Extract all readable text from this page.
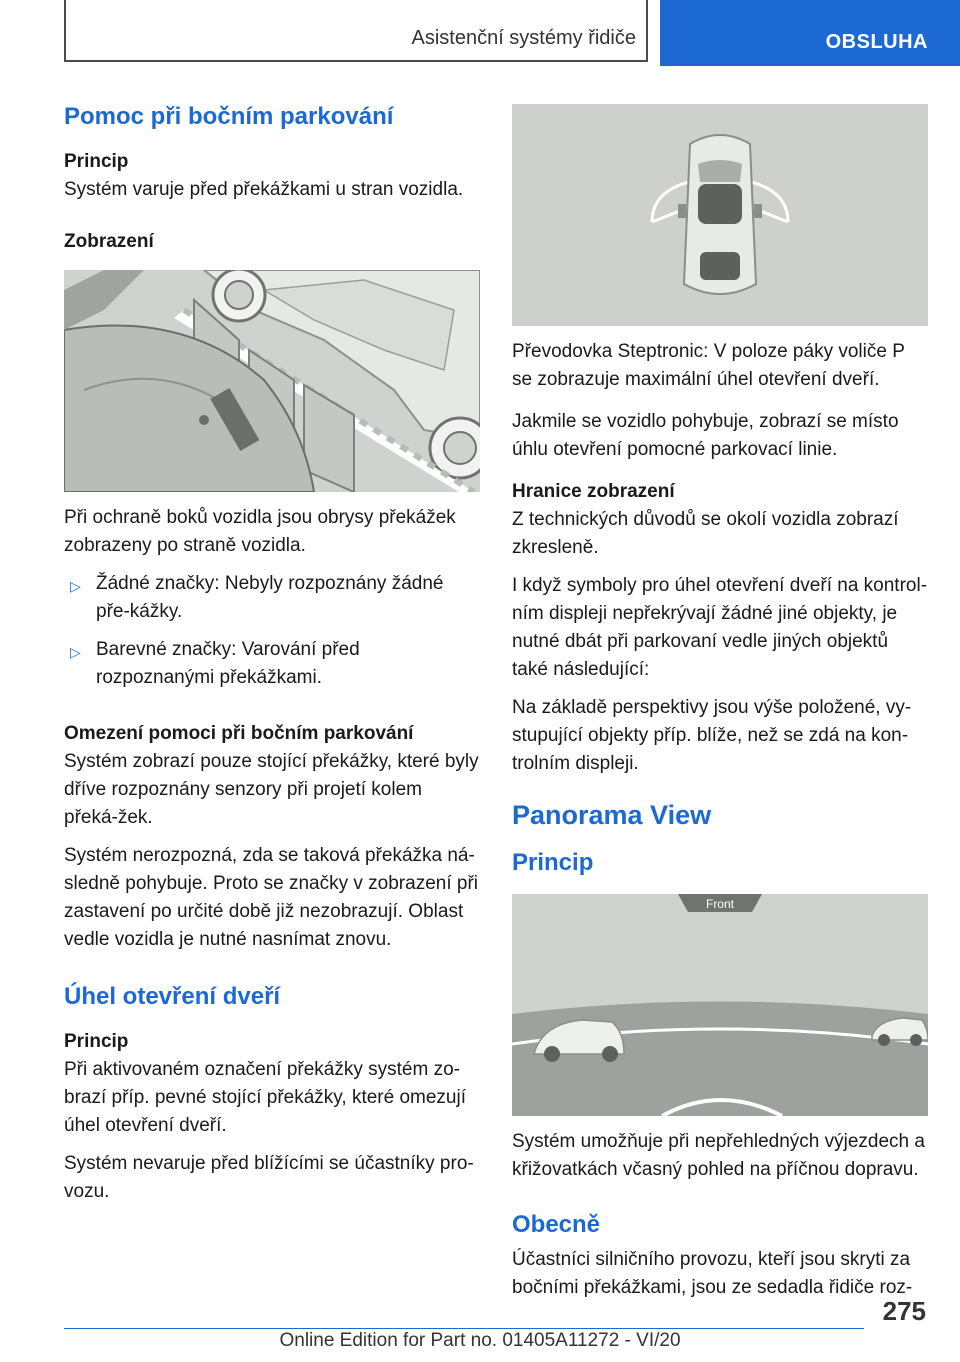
Asistenční systémy řidiče	OBSLUHA
Pomoc při bočním parkování
Princip

Systém varuje před překážkami u stran vozidla.

Zobrazení

Při ochraně boků vozidla jsou obrysy překážek zobrazeny po straně vozidla.

▷ Žádné značky: Nebyly rozpoznány žádné pře-kážky.
▷ Barevné značky: Varování před rozpoznanými překážkami.
Omezení pomoci při bočním parkování

Systém zobrazí pouze stojící překážky, které byly dříve rozpoznány senzory při projetí kolem překá-žek.

Systém nerozpozná, zda se taková překážka ná-sledně pohybuje. Proto se značky v zobrazení při zastavení po určité době již nezobrazují. Oblast vedle vozidla je nutné nasnímat znovu.

Úhel otevření dveří
Princip

Při aktivovaném označení překážky systém zo-brazí příp. pevné stojící překážky, které omezují úhel otevření dveří.

Systém nevaruje před blížícími se účastníky pro-vozu.

Převodovka Steptronic: V poloze páky voliče P se zobrazuje maximální úhel otevření dveří.

Jakmile se vozidlo pohybuje, zobrazí se místo úhlu otevření pomocné parkovací linie.

Hranice zobrazení

Z technických důvodů se okolí vozidla zobrazí zkresleně.

I když symboly pro úhel otevření dveří na kontrol-ním displeji nepřekrývají žádné jiné objekty, je nutné dbát při parkovaní vedle jiných objektů také následující:

Na základě perspektivy jsou výše položené, vy-stupující objekty příp. blíže, než se zdá na kon-trolním displeji.

Panorama View
Princip
Front

Systém umožňuje při nepřehledných výjezdech a křižovatkách včasný pohled na příčnou dopravu.

Obecně

Účastníci silničního provozu, kteří jsou skryti za bočními překážkami, jsou ze sedadla řidiče roz-

275
Online Edition for Part no. 01405A11272 - VI/20
